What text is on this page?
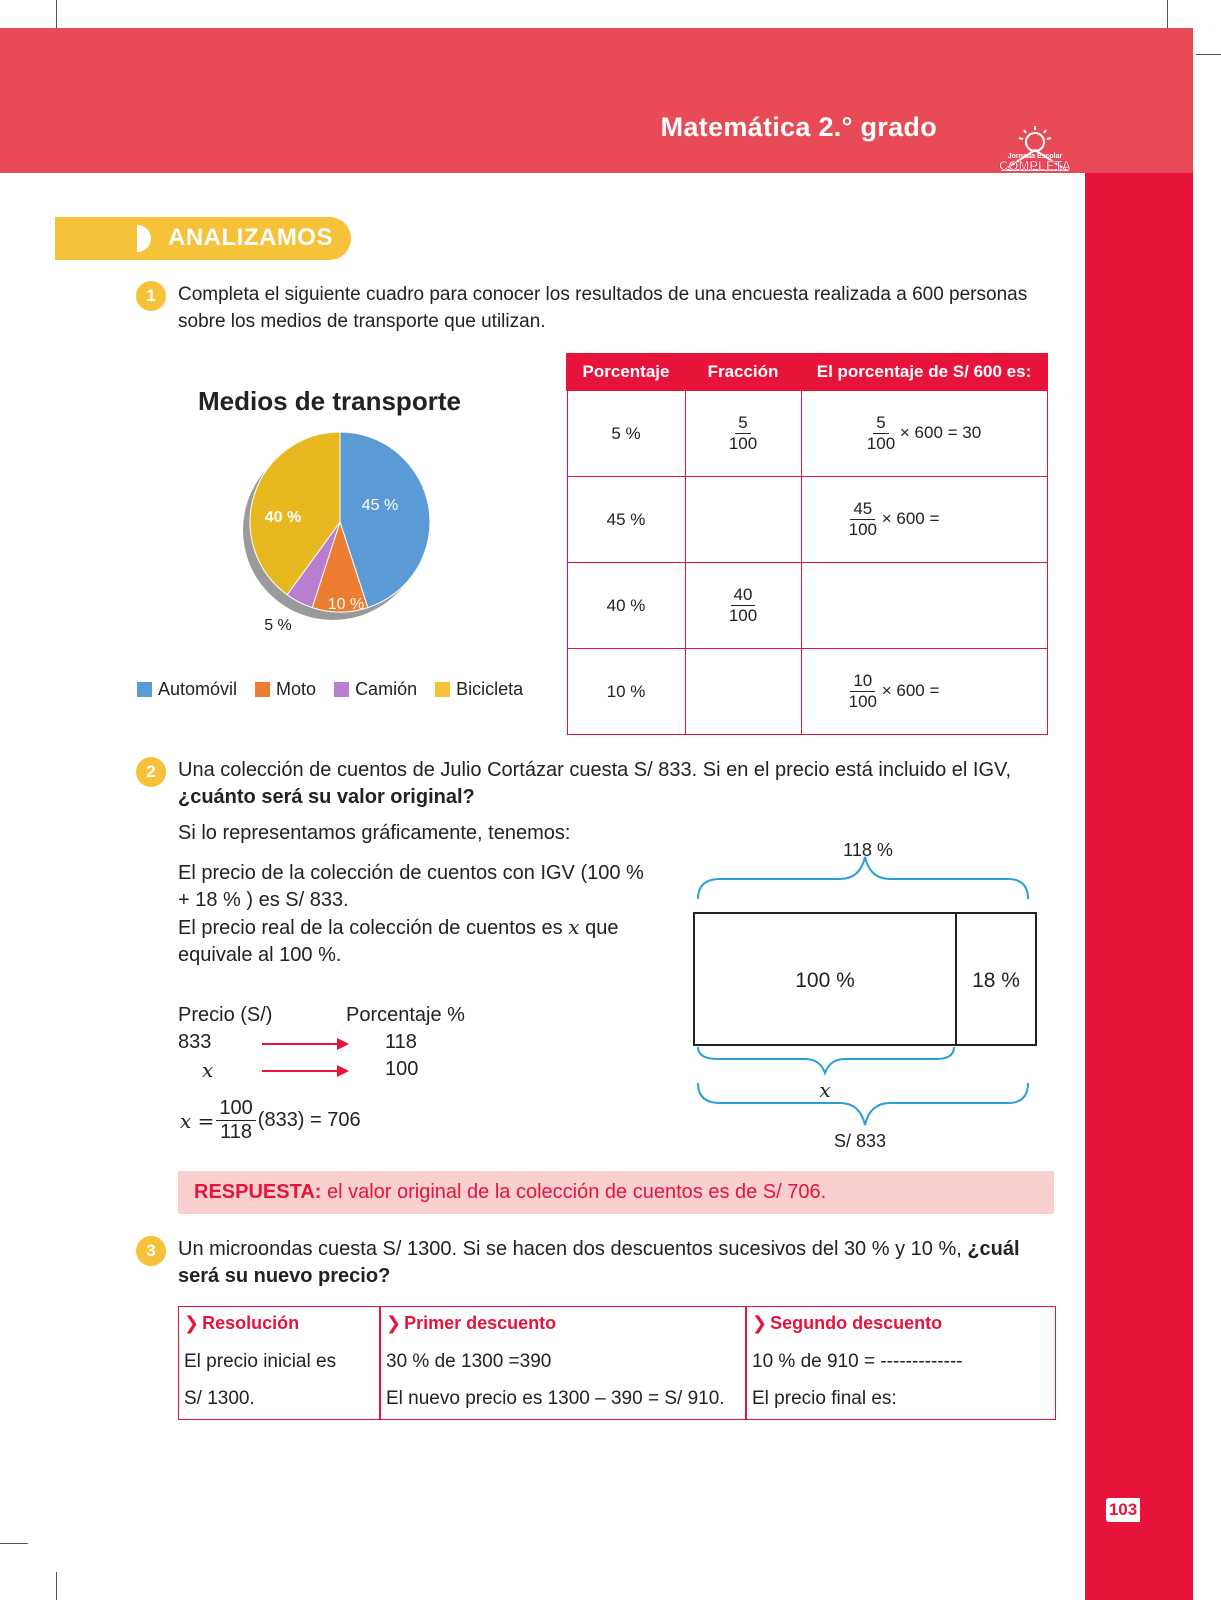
Matemática 2.° grado
Jornada Escolar
COMPLETA
SECUNDARIA
103
ANALIZAMOS
1	Completa el siguiente cuadro para conocer los resultados de una encuesta realizada a 600 personas sobre los medios de transporte que utilizan.
Medios de transporte
45 %
10 %
5 %
40 %
Automóvil Moto Camión Bicicleta
Porcentaje	Fracción	El porcentaje de S/ 600 es:
5 %	$\frac{5}{100}$	$\frac{5}{100} \times 600 = 30$
45 %		$\frac{45}{100} \times 600$ =
40 %	$\frac{40}{100}$

10 %		$\frac{10}{100} \times 600$ =
2	Una colección de cuentos de Julio Cortázar cuesta S/ 833. Si en el precio está incluido el IGV, ¿cuánto será su valor original?
Si lo representamos gráficamente, tenemos:
El precio de la colección de cuentos con IGV (100 % + 18 % ) es S/ 833.
El precio real de la colección de cuentos es x que equivale al 100 %.
Precio (S/)	Porcentaje %
833	118
x	100
$x = \frac{100}{118} (833) = 706$
118 %
100 %	18 %
x
S/ 833
RESPUESTA: el valor original de la colección de cuentos es de S/ 706.
3	Un microondas cuesta S/ 1300. Si se hacen dos descuentos sucesivos del 30 % y 10 %, ¿cuál será su nuevo precio?
❯ Resolución
El precio inicial es
S/ 1300.
❯ Primer descuento
30 % de 1300 =390
El nuevo precio es 1300 – 390 = S/ 910.
❯ Segundo descuento
10 % de 910 = -------------
El precio final es:
